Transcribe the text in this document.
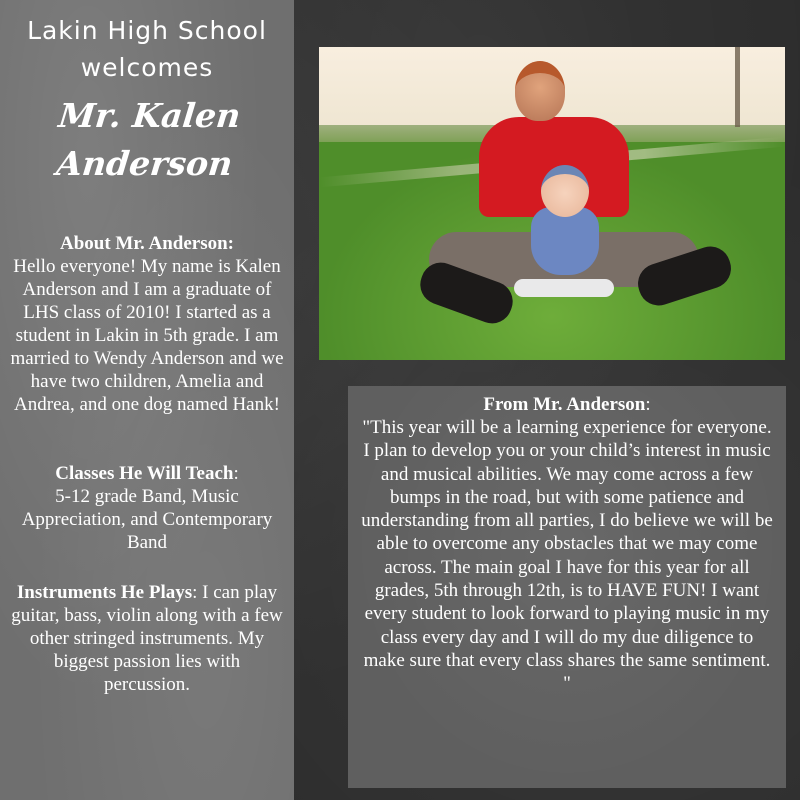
Lakin High School
welcomes
Mr. Kalen
Anderson
About Mr. Anderson:
Hello everyone! My name is Kalen Anderson and I am a graduate of LHS class of 2010! I started as a student in Lakin in 5th grade. I am married to Wendy Anderson and we have two children, Amelia and Andrea, and one dog named Hank!
Classes He Will Teach:
5-12 grade Band, Music Appreciation, and Contemporary Band
Instruments He Plays: I can play guitar, bass, violin along with a few other stringed instruments. My biggest passion lies with percussion.
From Mr. Anderson:
"This year will be a learning experience for everyone. I plan to develop you or your child’s interest in music and musical abilities. We may come across a few bumps in the road, but with some patience and understanding from all parties, I do believe we will be able to overcome any obstacles that we may come across. The main goal I have for this year for all grades, 5th through 12th, is to HAVE FUN! I want every student to look forward to playing music in my class every day and I will do my due diligence to make sure that every class shares the same sentiment. "
